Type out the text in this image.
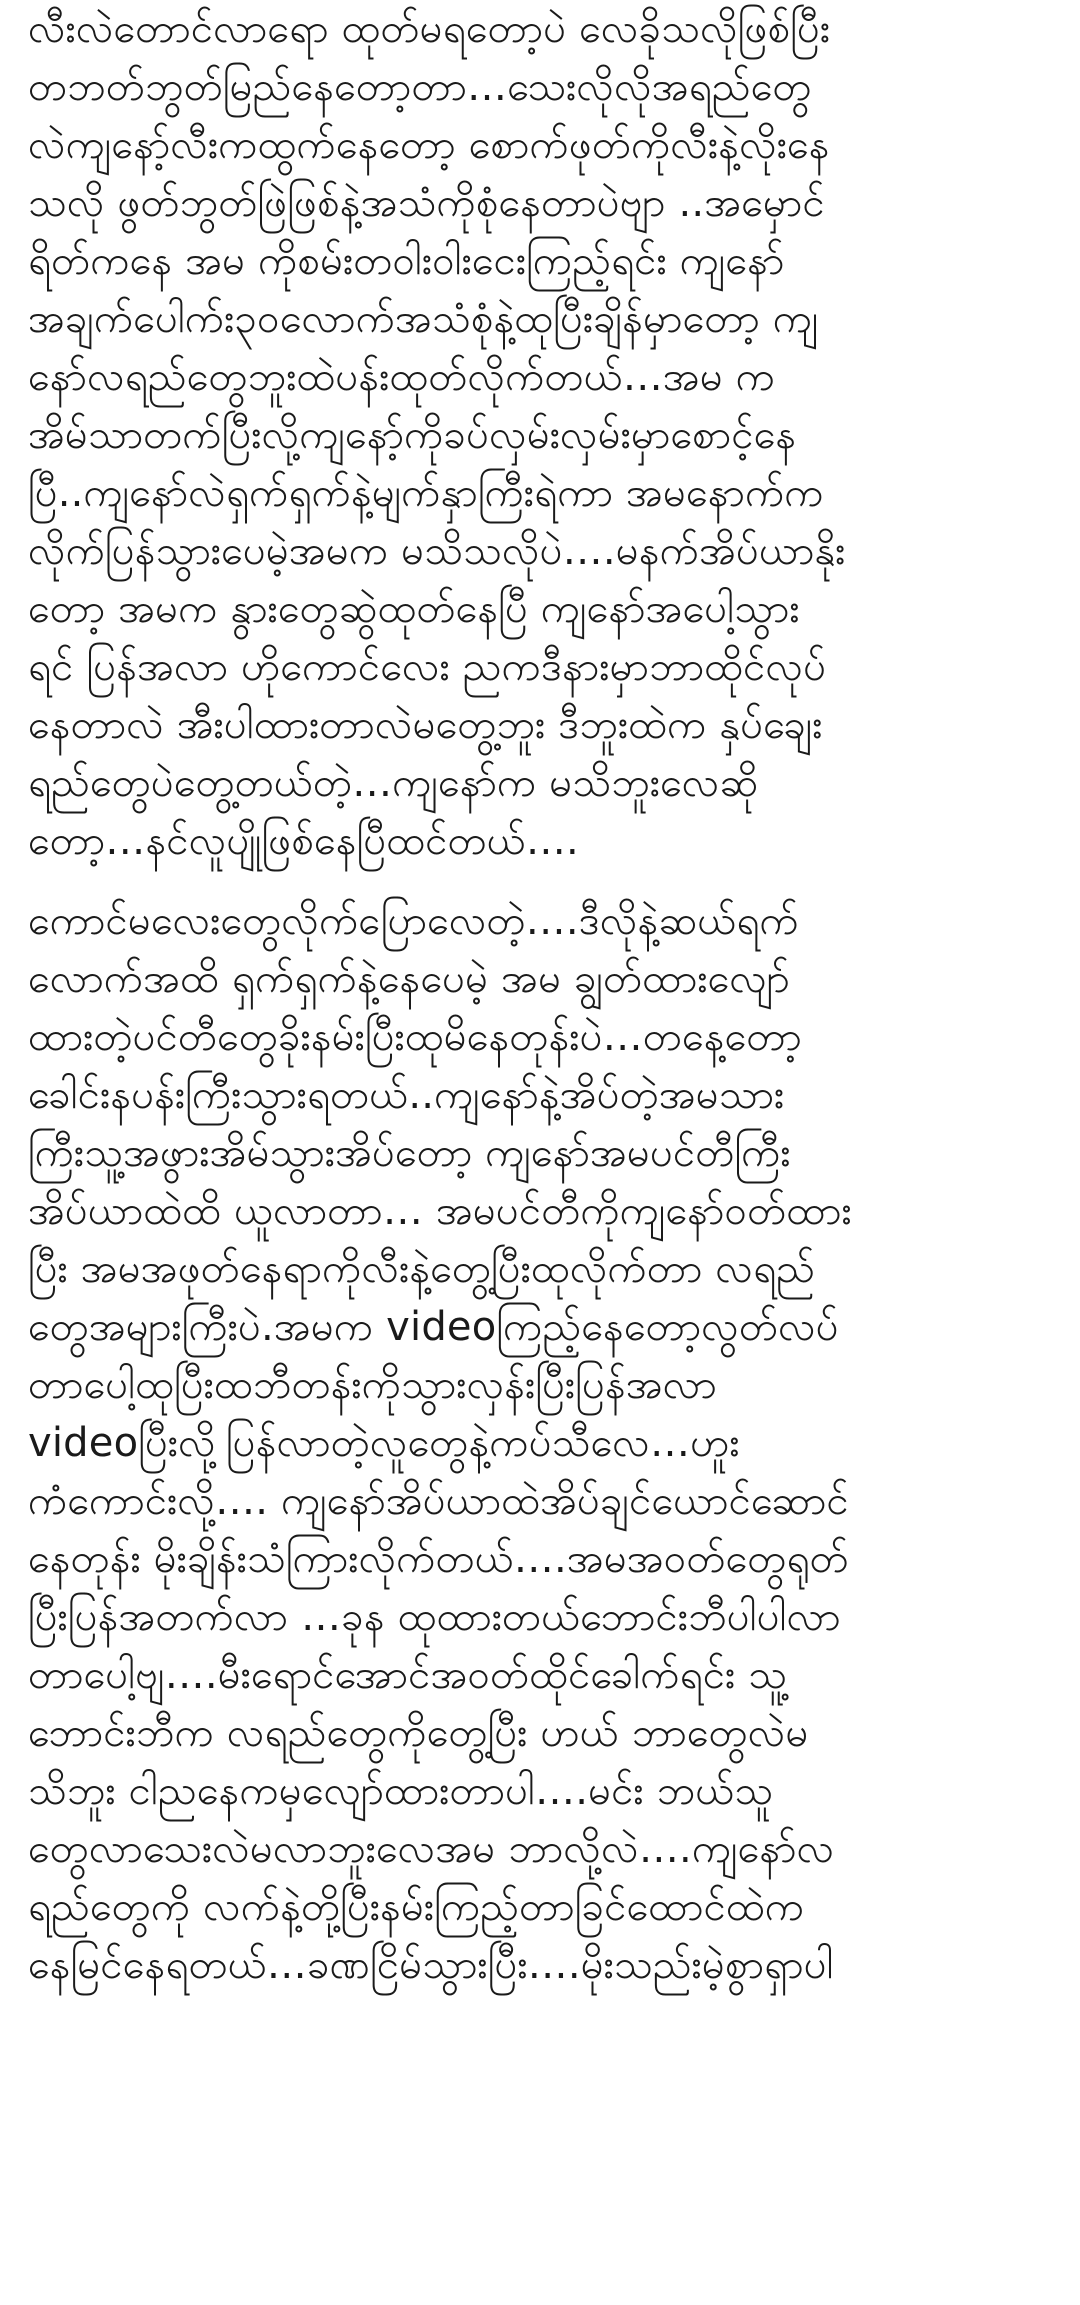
လီးလဲတောင်လာရော ထုတ်မရတော့ပဲ လေခိုသလိုဖြစ်ပြီး
တဘတ်ဘွတ်မြည်နေတော့တာ…သေးလိုလိုအရည်တွေ
လဲကျနော့်လီးကထွက်နေတော့ စောက်ဖုတ်ကိုလီးနဲ့လိုးနေ
သလို ဖွတ်ဘွတ်ဖြဲဖြစ်နဲ့အသံကိုစုံနေတာပဲဗျာ ..အမှောင်
ရိတ်ကနေ အမ ကိုစမ်းတဝါးဝါးငေးကြည့်ရင်း ကျနော်
အချက်ပေါက်း၃၀လောက်အသံစုံနဲ့ထုပြီးချိန်မှာတော့ ကျ
နော်လရည်တွေဘူးထဲပန်းထုတ်လိုက်တယ်…အမ က
အိမ်သာတက်ပြီးလို့ကျနော့်ကိုခပ်လှမ်းလှမ်းမှာစောင့်နေ
ပြီ..ကျနော်လဲရှက်ရှက်နဲ့မျက်နှာကြီးရဲကာ အမနောက်က
လိုက်ပြန်သွားပေမဲ့အမက မသိသလိုပဲ….မနက်အိပ်ယာနိုး
တော့ အမက နွားတွေဆွဲထုတ်နေပြီ ကျနော်အပေါ့သွား
ရင် ပြန်အလာ ဟိုကောင်လေး ညကဒီနားမှာဘာထိုင်လုပ်
နေတာလဲ အီးပါထားတာလဲမတွေ့ဘူး ဒီဘူးထဲက နှပ်ချေး
ရည်တွေပဲတွေ့တယ်တဲ့…ကျနော်က မသိဘူးလေဆို
တော့…နင်လူပျိုဖြစ်နေပြီထင်တယ်….

ကောင်မလေးတွေလိုက်ပြောလေတဲ့….ဒီလိုနဲ့ဆယ်ရက်
လောက်အထိ ရှက်ရှက်နဲ့နေပေမဲ့ အမ ချွတ်ထားလျော်
ထားတဲ့ပင်တီတွေခိုးနမ်းပြီးထုမိနေတုန်းပဲ…တနေ့တော့
ခေါင်းနပန်းကြီးသွားရတယ်..ကျနော်နဲ့အိပ်တဲ့အမသား
ကြီးသူ့အဖွားအိမ်သွားအိပ်တော့ ကျနော်အမပင်တီကြီး
အိပ်ယာထဲထိ ယူလာတာ… အမပင်တီကိုကျနော်ဝတ်ထား
ပြီး အမအဖုတ်နေရာကိုလီးနဲ့တွေ့ပြီးထုလိုက်တာ လရည်
တွေအများကြီးပဲ.အမက videoကြည့်နေတော့လွတ်လပ်
တာပေါ့ထုပြီးထဘီတန်းကိုသွားလှန်းပြီးပြန်အလာ
videoပြီးလို့ပြန်လာတဲ့လူတွေနဲ့ကပ်သီလေ…ဟူး
ကံကောင်းလို့…. ကျနော်အိပ်ယာထဲအိပ်ချင်ယောင်ဆောင်
နေတုန်း မိုးချိန်းသံကြားလိုက်တယ်….အမအဝတ်တွေရုတ်
ပြီးပြန်အတက်လာ …ခုန ထုထားတယ်ဘောင်းဘီပါပါလာ
တာပေါ့ဗျ….မီးရောင်အောင်အဝတ်ထိုင်ခေါက်ရင်း သူ့
ဘောင်းဘီက လရည်တွေကိုတွေ့ပြီး ဟယ် ဘာတွေလဲမ
သိဘူး ငါညနေကမှလျော်ထားတာပါ….မင်း ဘယ်သူ
တွေလာသေးလဲမလာဘူးလေအမ ဘာလို့လဲ….ကျနော်လ
ရည်တွေကို လက်နဲ့တို့ပြီးနမ်းကြည့်တာခြင်ထောင်ထဲက
နေမြင်နေရတယ်…ခဏငြိမ်သွားပြီး….မိုးသည်းမဲ့စွာရှာပါ
